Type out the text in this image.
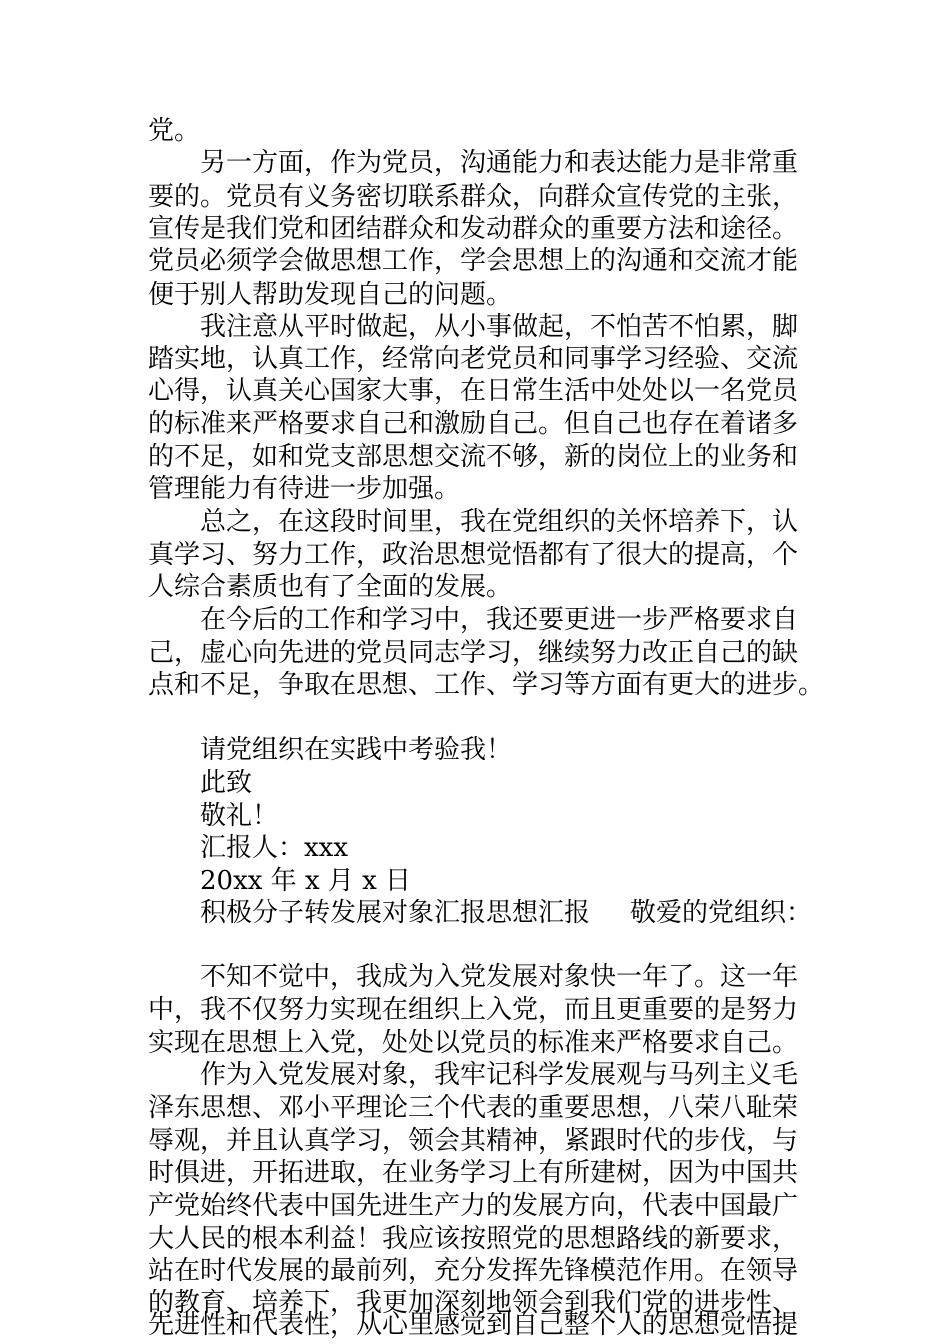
党。
另一方面，作为党员，沟通能力和表达能力是非常重
要的。党员有义务密切联系群众，向群众宣传党的主张，
宣传是我们党和团结群众和发动群众的重要方法和途径。
党员必须学会做思想工作，学会思想上的沟通和交流才能
便于别人帮助发现自己的问题。
我注意从平时做起，从小事做起，不怕苦不怕累，脚
踏实地，认真工作，经常向老党员和同事学习经验、交流
心得，认真关心国家大事，在日常生活中处处以一名党员
的标准来严格要求自己和激励自己。但自己也存在着诸多
的不足，如和党支部思想交流不够，新的岗位上的业务和
管理能力有待进一步加强。
总之，在这段时间里，我在党组织的关怀培养下，认
真学习、努力工作，政治思想觉悟都有了很大的提高，个
人综合素质也有了全面的发展。
在今后的工作和学习中，我还要更进一步严格要求自
己，虚心向先进的党员同志学习，继续努力改正自己的缺
点和不足，争取在思想、工作、学习等方面有更大的进步。
请党组织在实践中考验我！
此致
敬礼！
汇报人：xxx
20xx 年 x 月 x 日
积极分子转发展对象汇报思想汇报 敬爱的党组织：
不知不觉中，我成为入党发展对象快一年了。这一年
中，我不仅努力实现在组织上入党，而且更重要的是努力
实现在思想上入党，处处以党员的标准来严格要求自己。
作为入党发展对象，我牢记科学发展观与马列主义毛
泽东思想、邓小平理论三个代表的重要思想，八荣八耻荣
辱观，并且认真学习，领会其精神，紧跟时代的步伐，与
时俱进，开拓进取，在业务学习上有所建树，因为中国共
产党始终代表中国先进生产力的发展方向，代表中国最广
大人民的根本利益！我应该按照党的思想路线的新要求，
站在时代发展的最前列，充分发挥先锋模范作用。在领导
的教育、培养下，我更加深刻地领会到我们党的进步性、
先进性和代表性，从心里感觉到自己整个人的思想觉悟提
